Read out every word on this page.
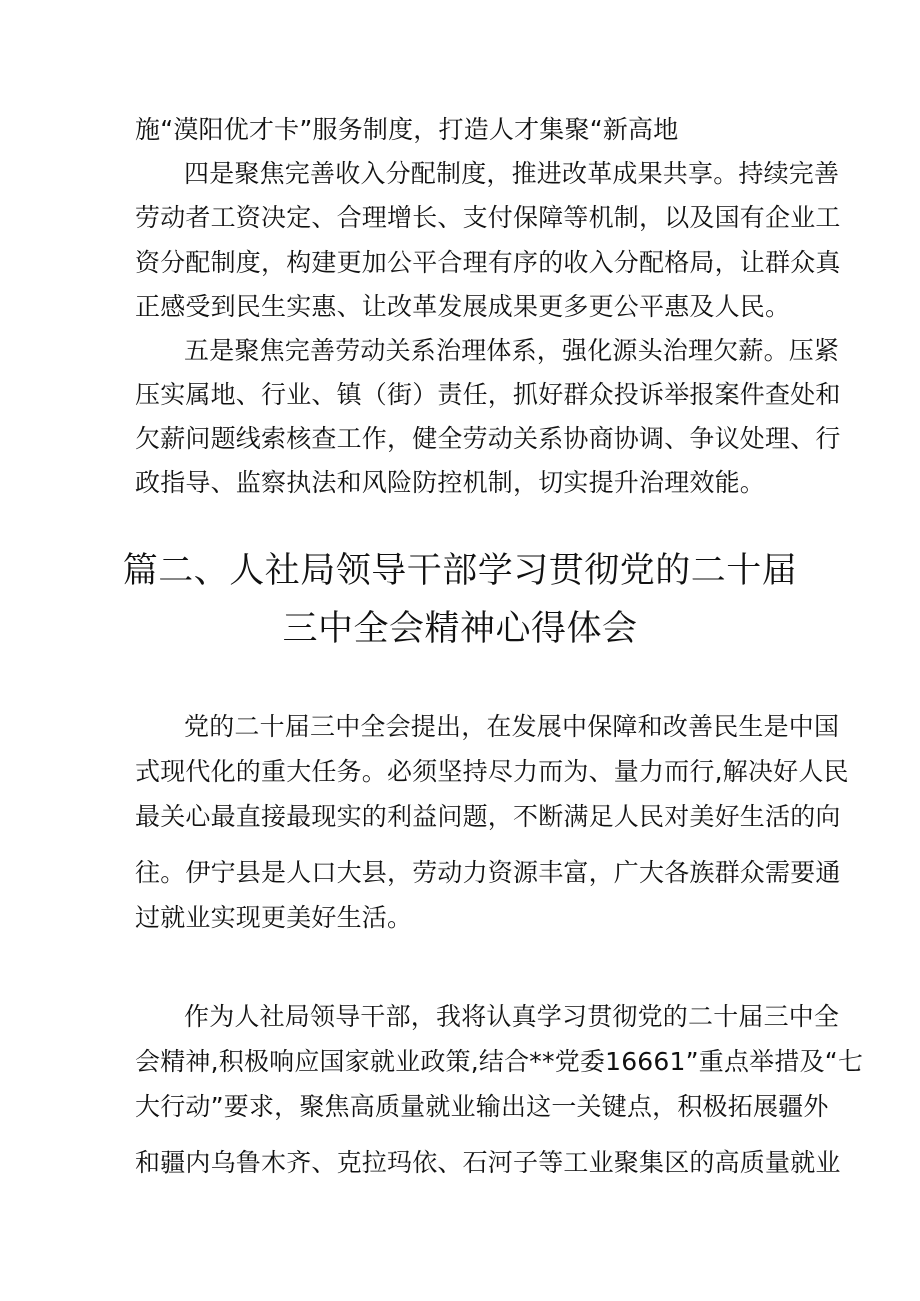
施“漠阳优才卡”服务制度，打造人才集聚“新高地
四是聚焦完善收入分配制度，推进改革成果共享。持续完善
劳动者工资决定、合理增长、支付保障等机制，以及国有企业工
资分配制度，构建更加公平合理有序的收入分配格局，让群众真
正感受到民生实惠、让改革发展成果更多更公平惠及人民。
五是聚焦完善劳动关系治理体系，强化源头治理欠薪。压紧
压实属地、行业、镇（街）责任，抓好群众投诉举报案件查处和
欠薪问题线索核查工作，健全劳动关系协商协调、争议处理、行
政指导、监察执法和风险防控机制，切实提升治理效能。
篇二、人社局领导干部学习贯彻党的二十届
三中全会精神心得体会
党的二十届三中全会提出，在发展中保障和改善民生是中国
式现代化的重大任务。必须坚持尽力而为、量力而行,解决好人民
最关心最直接最现实的利益问题，不断满足人民对美好生活的向
往。伊宁县是人口大县，劳动力资源丰富，广大各族群众需要通
过就业实现更美好生活。
作为人社局领导干部，我将认真学习贯彻党的二十届三中全
会精神,积极响应国家就业政策,结合**党委16661”重点举措及“七
大行动”要求，聚焦高质量就业输出这一关键点，积极拓展疆外
和疆内乌鲁木齐、克拉玛依、石河子等工业聚集区的高质量就业
